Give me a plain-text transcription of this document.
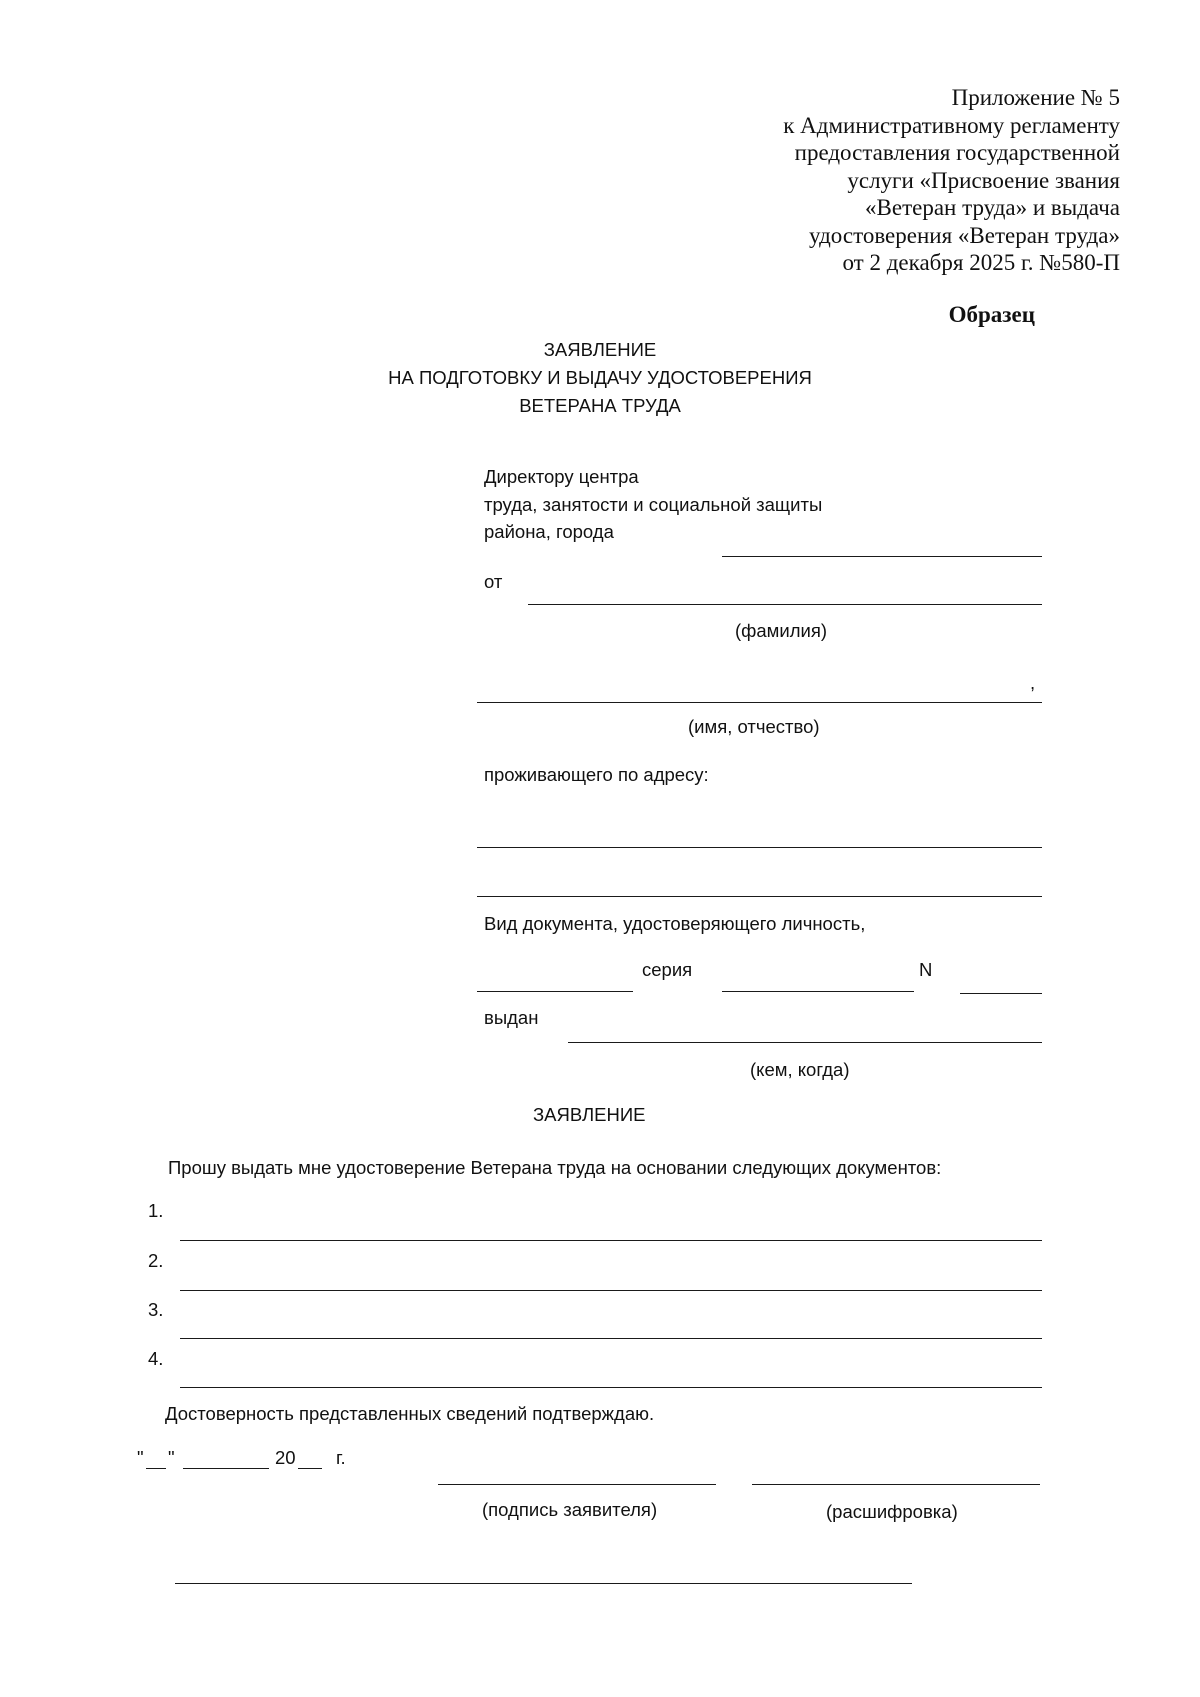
Приложение № 5
к Административному регламенту
предоставления государственной
услуги «Присвоение звания
«Ветеран труда» и выдача
удостоверения «Ветеран труда»
от 2 декабря 2025 г. №580-П
Образец
ЗАЯВЛЕНИЕ
НА ПОДГОТОВКУ И ВЫДАЧУ УДОСТОВЕРЕНИЯ
ВЕТЕРАНА ТРУДА
Директору центра
труда, занятости и социальной защиты
района, города
от
(фамилия)
,
(имя, отчество)
проживающего по адресу:
Вид документа, удостоверяющего личность,
серия	N
выдан
(кем, когда)
ЗАЯВЛЕНИЕ
Прошу выдать мне удостоверение Ветерана труда на основании следующих документов:
1.
2.
3.
4.
Достоверность представленных сведений подтверждаю.
" "	20 г.
(подпись заявителя)	(расшифровка)
